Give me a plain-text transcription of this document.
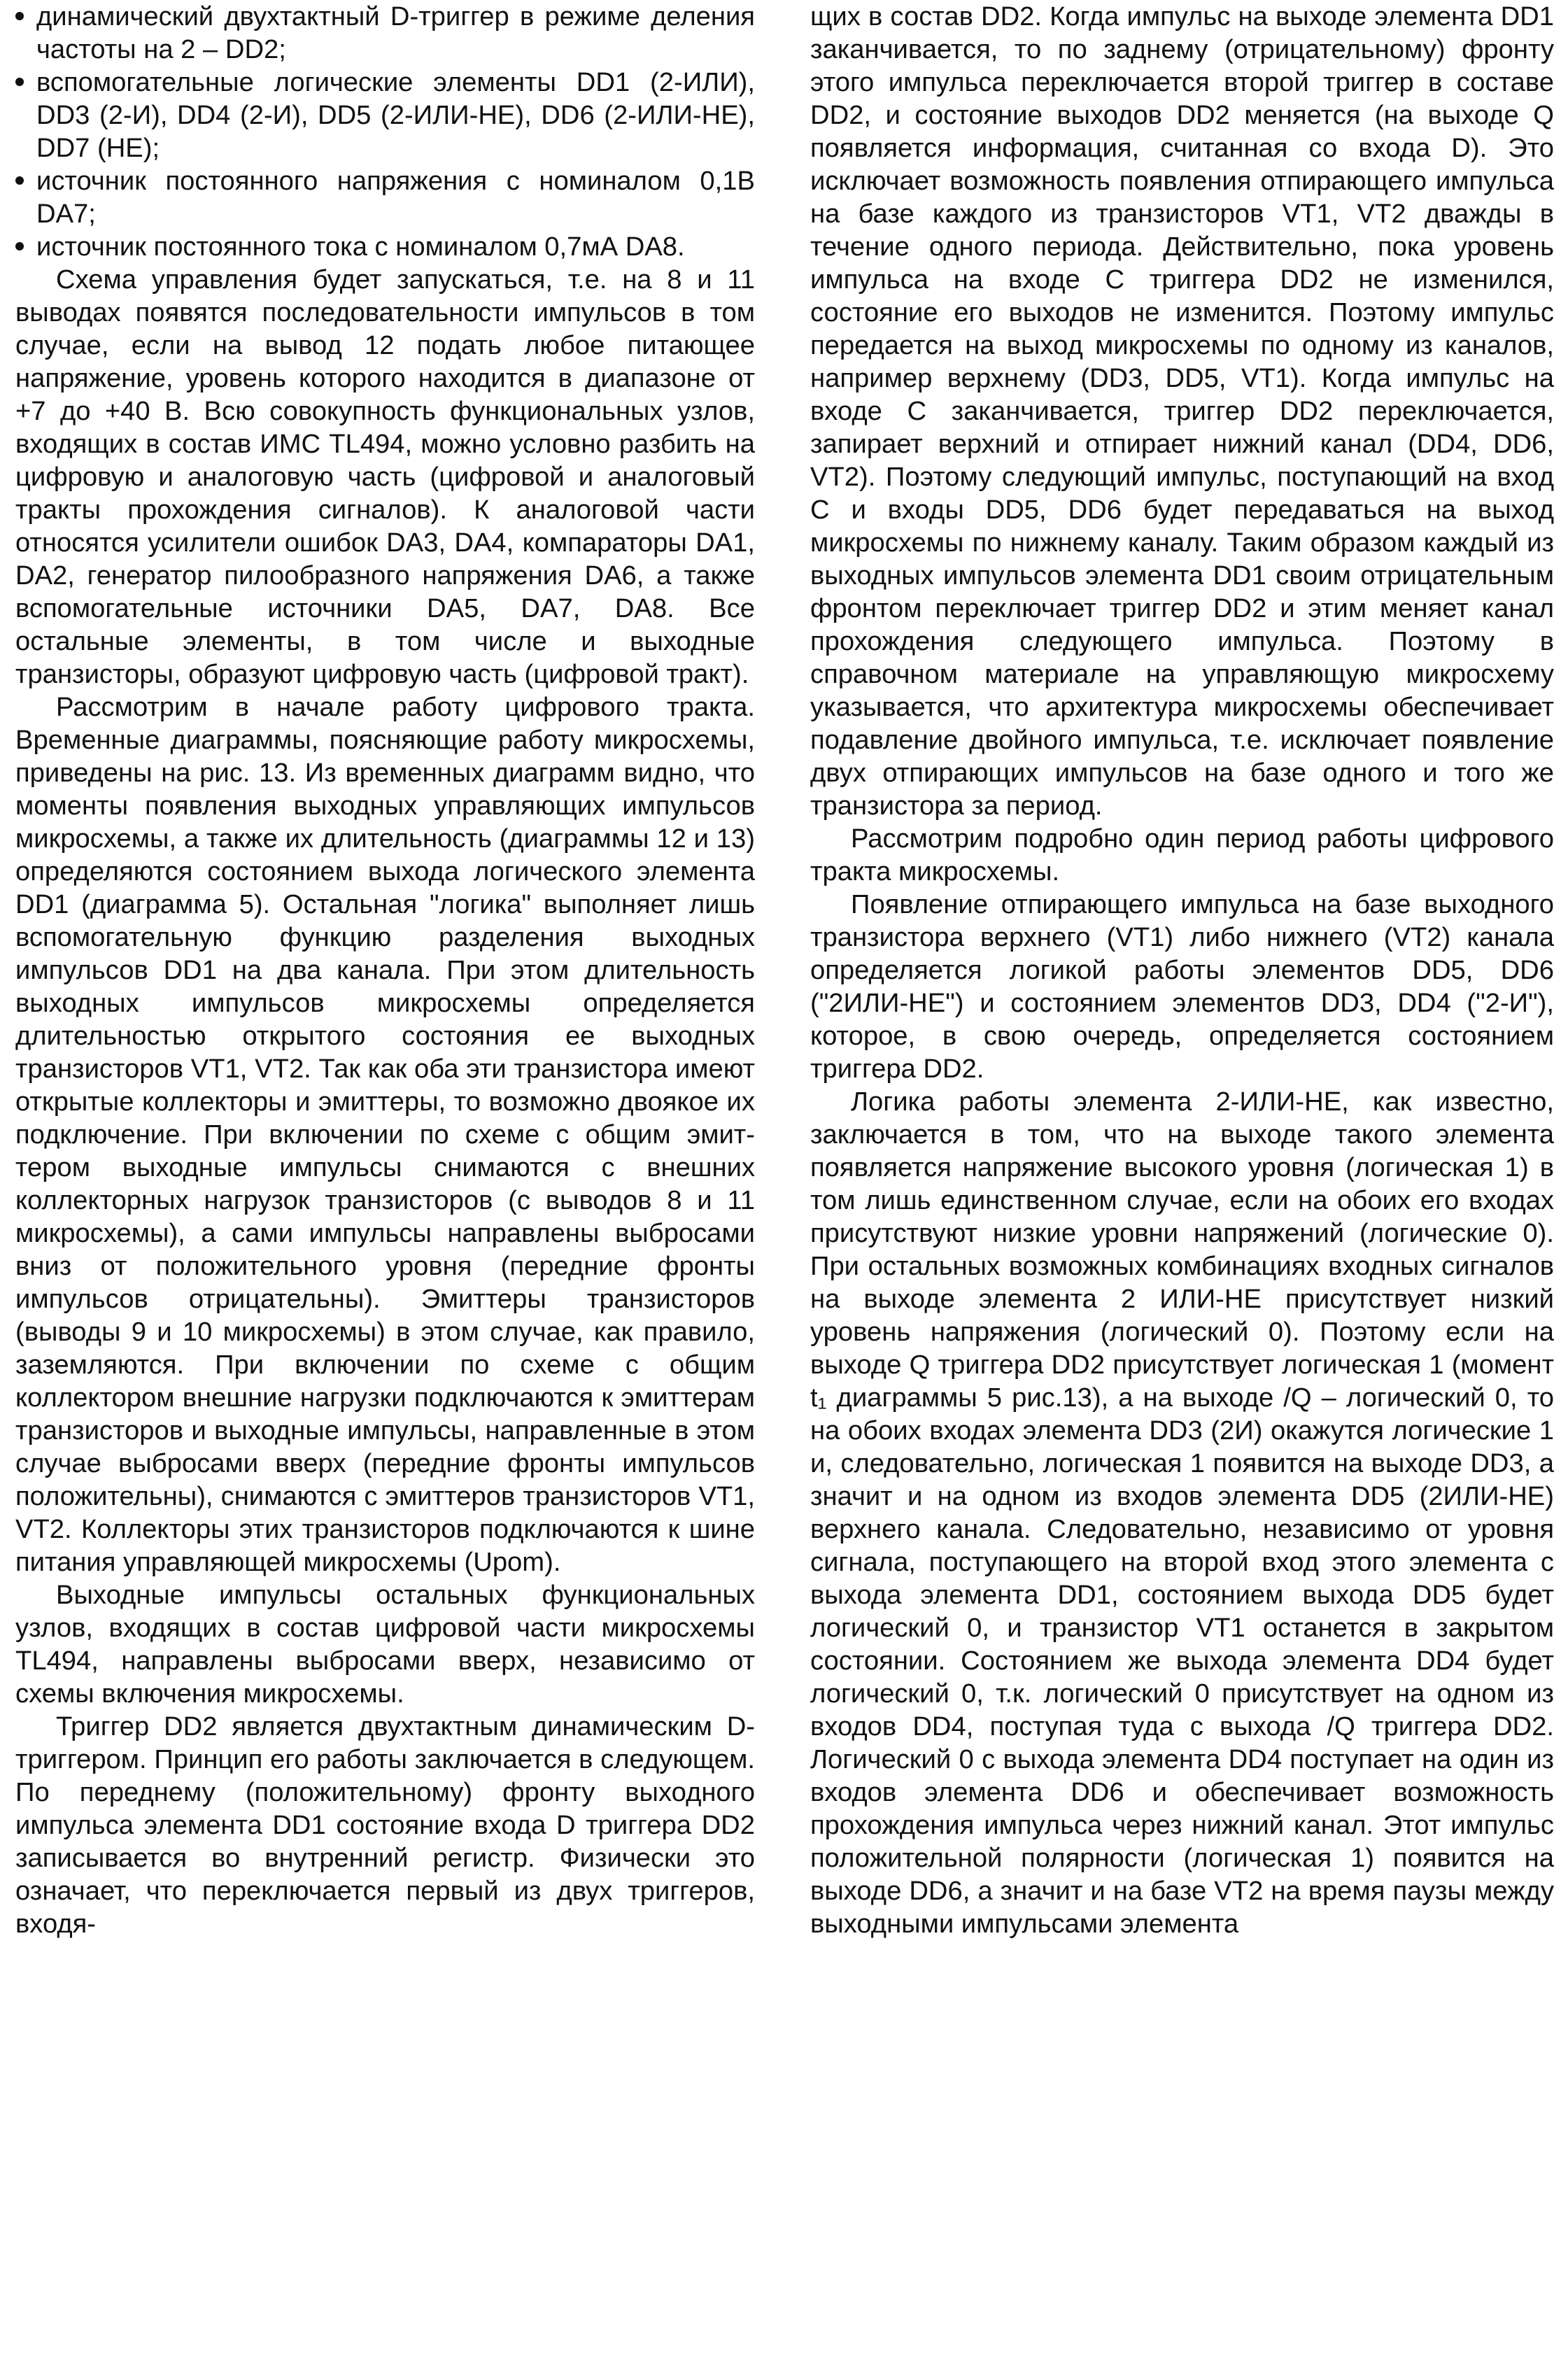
динамический двухтактный D-триггер в режиме деления частоты на 2 – DD2;
вспомогательные логические элементы DD1 (2-ИЛИ), DD3 (2-И), DD4 (2-И), DD5 (2-ИЛИ-НЕ), DD6 (2-ИЛИ-НЕ), DD7 (НЕ);
источник постоянного напряжения с номиналом 0,1В DA7;
источник постоянного тока с номиналом 0,7мА DA8.

Схема управления будет запускаться, т.е. на 8 и 11 выводах появятся последовательности импульсов в том случае, если на вывод 12 подать любое питающее напряжение, уровень которого находится в диапазоне от +7 до +40 В. Всю совокупность функциональных узлов, входящих в состав ИМС TL494, можно условно разбить на цифровую и аналоговую часть (цифровой и аналоговый тракты прохождения сигналов). К аналоговой части относятся усилители ошибок DA3, DA4, компараторы DA1, DA2, генератор пилообразного напряжения DA6, а также вспомогательные источники DA5, DA7, DA8. Все остальные элементы, в том числе и выходные транзисторы, образуют цифровую часть (цифровой тракт).

Рассмотрим в начале работу цифрового тракта. Временные диаграммы, поясняющие работу микросхемы, приведены на рис. 13. Из временных диаграмм видно, что моменты появления выходных управляющих импульсов микросхемы, а также их длительность (диаграммы 12 и 13) определяются состоянием выхода логического элемента DD1 (диаграмма 5). Остальная "логика" выполняет лишь вспомогательную функцию разделения выходных импульсов DD1 на два канала. При этом длительность выходных импульсов микросхемы определяется длительностью открытого состояния ее выходных транзисторов VT1, VT2. Так как оба эти транзистора имеют открытые коллекторы и эмиттеры, то возможно двоякое их подключение. При включении по схеме с общим эмиттером выходные импульсы снимаются с внешних коллекторных нагрузок транзисторов (с выводов 8 и 11 микросхемы), а сами импульсы направлены выбросами вниз от положительного уровня (передние фронты импульсов отрицательны). Эмиттеры транзисторов (выводы 9 и 10 микросхемы) в этом случае, как правило, заземляются. При включении по схеме с общим коллектором внешние нагрузки подключаются к эмиттерам транзисторов и выходные импульсы, направленные в этом случае выбросами вверх (передние фронты импульсов положительны), снимаются с эмиттеров транзисторов VT1, VT2. Коллекторы этих транзисторов подключаются к шине питания управляющей микросхемы (Upom).

Выходные импульсы остальных функциональных узлов, входящих в состав цифровой части микросхемы TL494, направлены выбросами вверх, независимо от схемы включения микросхемы.

Триггер DD2 является двухтактным динамическим D-триггером. Принцип его работы заключается в следующем. По переднему (положительному) фронту выходного импульса элемента DD1 состояние входа D триггера DD2 записывается во внутренний регистр. Физически это означает, что переключается первый из двух триггеров, входя-

щих в состав DD2. Когда импульс на выходе элемента DD1 заканчивается, то по заднему (отрицательному) фронту этого импульса переключается второй триггер в составе DD2, и состояние выходов DD2 меняется (на выходе Q появляется информация, считанная со входа D). Это исключает возможность появления отпирающего импульса на базе каждого из транзисторов VT1, VT2 дважды в течение одного периода. Действительно, пока уровень импульса на входе C триггера DD2 не изменился, состояние его выходов не изменится. Поэтому импульс передается на выход микросхемы по одному из каналов, например верхнему (DD3, DD5, VT1). Когда импульс на входе С заканчивается, триггер DD2 переключается, запирает верхний и отпирает нижний канал (DD4, DD6, VT2). Поэтому следующий импульс, поступающий на вход С и входы DD5, DD6 будет передаваться на выход микросхемы по нижнему каналу. Таким образом каждый из выходных импульсов элемента DD1 своим отрицательным фронтом переключает триггер DD2 и этим меняет канал прохождения следующего импульса. Поэтому в справочном материале на управляющую микросхему указывается, что архитектура микросхемы обеспечивает подавление двойного импульса, т.е. исключает появление двух отпирающих импульсов на базе одного и того же транзистора за период.

Рассмотрим подробно один период работы цифрового тракта микросхемы.

Появление отпирающего импульса на базе выходного транзистора верхнего (VT1) либо нижнего (VT2) канала определяется логикой работы элементов DD5, DD6 ("2ИЛИ-НЕ") и состоянием элементов DD3, DD4 ("2-И"), которое, в свою очередь, определяется состоянием триггера DD2.

Логика работы элемента 2-ИЛИ-НЕ, как известно, заключается в том, что на выходе такого элемента появляется напряжение высокого уровня (логическая 1) в том лишь единственном случае, если на обоих его входах присутствуют низкие уровни напряжений (логические 0). При остальных возможных комбинациях входных сигналов на выходе элемента 2 ИЛИ-НЕ присутствует низкий уровень напряжения (логический 0). Поэтому если на выходе Q триггера DD2 присутствует логическая 1 (момент t₁ диаграммы 5 рис.13), а на выходе /Q – логический 0, то на обоих входах элемента DD3 (2И) окажутся логические 1 и, следовательно, логическая 1 появится на выходе DD3, а значит и на одном из входов элемента DD5 (2ИЛИ-НЕ) верхнего канала. Следовательно, независимо от уровня сигнала, поступающего на второй вход этого элемента с выхода элемента DD1, состоянием выхода DD5 будет логический 0, и транзистор VT1 останется в закрытом состоянии. Состоянием же выхода элемента DD4 будет логический 0, т.к. логический 0 присутствует на одном из входов DD4, поступая туда с выхода /Q триггера DD2. Логический 0 с выхода элемента DD4 поступает на один из входов элемента DD6 и обеспечивает возможность прохождения импульса через нижний канал. Этот импульс положительной полярности (логическая 1) появится на выходе DD6, а значит и на базе VT2 на время паузы между выходными импульсами элемента
